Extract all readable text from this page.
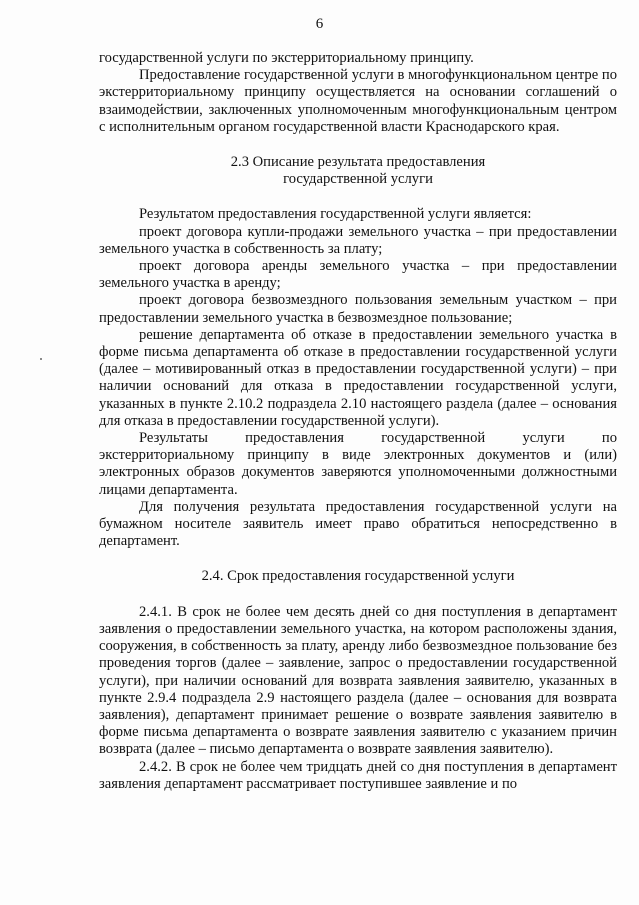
6

государственной услуги по экстерриториальному принципу.

Предоставление государственной услуги в многофункциональном центре по экстерриториальному принципу осуществляется на основании соглашений о взаимодействии, заключенных уполномоченным многофункциональным центром с исполнительным органом государственной власти Краснодарского края.

2.3 Описание результата предоставления
государственной услуги

Результатом предоставления государственной услуги является:

проект договора купли-продажи земельного участка – при предоставлении земельного участка в собственность за плату;

проект договора аренды земельного участка – при предоставлении земельного участка в аренду;

проект договора безвозмездного пользования земельным участком – при предоставлении земельного участка в безвозмездное пользование;

решение департамента об отказе в предоставлении земельного участка в форме письма департамента об отказе в предоставлении государственной услуги (далее – мотивированный отказ в предоставлении государственной услуги) – при наличии оснований для отказа в предоставлении государственной услуги, указанных в пункте 2.10.2 подраздела 2.10 настоящего раздела (далее – основания для отказа в предоставлении государственной услуги).

Результаты предоставления государственной услуги по экстерриториальному принципу в виде электронных документов и (или) электронных образов документов заверяются уполномоченными должностными лицами департамента.

Для получения результата предоставления государственной услуги на бумажном носителе заявитель имеет право обратиться непосредственно в департамент.

2.4. Срок предоставления государственной услуги

2.4.1. В срок не более чем десять дней со дня поступления в департамент заявления о предоставлении земельного участка, на котором расположены здания, сооружения, в собственность за плату, аренду либо безвозмездное пользование без проведения торгов (далее – заявление, запрос о предоставлении государственной услуги), при наличии оснований для возврата заявления заявителю, указанных в пункте 2.9.4 подраздела 2.9 настоящего раздела (далее – основания для возврата заявления), департамент принимает решение о возврате заявления заявителю в форме письма департамента о возврате заявления заявителю с указанием причин возврата (далее – письмо департамента о возврате заявления заявителю).

2.4.2. В срок не более чем тридцать дней со дня поступления в департамент заявления департамент рассматривает поступившее заявление и по
